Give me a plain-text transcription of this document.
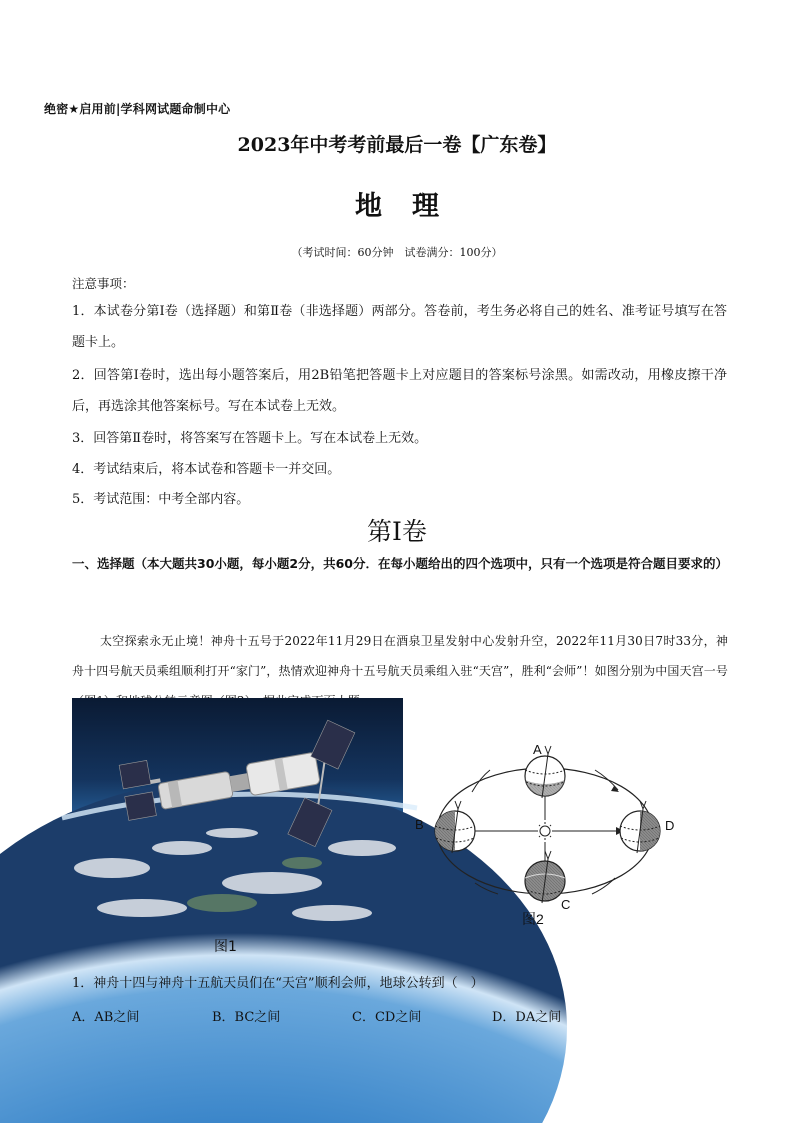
绝密★启用前|学科网试题命制中心
2023年中考考前最后一卷【广东卷】
地理
（考试时间：60分钟　试卷满分：100分）
注意事项：
1．本试卷分第Ⅰ卷（选择题）和第Ⅱ卷（非选择题）两部分。答卷前，考生务必将自己的姓名、准考证号填写在答题卡上。
2．回答第Ⅰ卷时，选出每小题答案后，用2B铅笔把答题卡上对应题目的答案标号涂黑。如需改动，用橡皮擦干净后，再选涂其他答案标号。写在本试卷上无效。
3．回答第Ⅱ卷时，将答案写在答题卡上。写在本试卷上无效。
4．考试结束后，将本试卷和答题卡一并交回。
5．考试范围：中考全部内容。
第Ⅰ卷
一、选择题（本大题共30小题，每小题2分，共60分．在每小题给出的四个选项中，只有一个选项是符合题目要求的）
太空探索永无止境！神舟十五号于2022年11月29日在酒泉卫星发射中心发射升空，2022年11月30日7时33分，神舟十四号航天员乘组顺利打开“家门”，热情欢迎神舟十五号航天员乘组入驻“天宫”，胜利“会师”！如图分别为中国天宫一号
图1
A
B	D
C
图2
1．神舟十四与神舟十五航天员们在“天宫”顺利会师，地球公转到（　）
A．AB之间	B．BC之间	C．CD之间	D．DA之间
